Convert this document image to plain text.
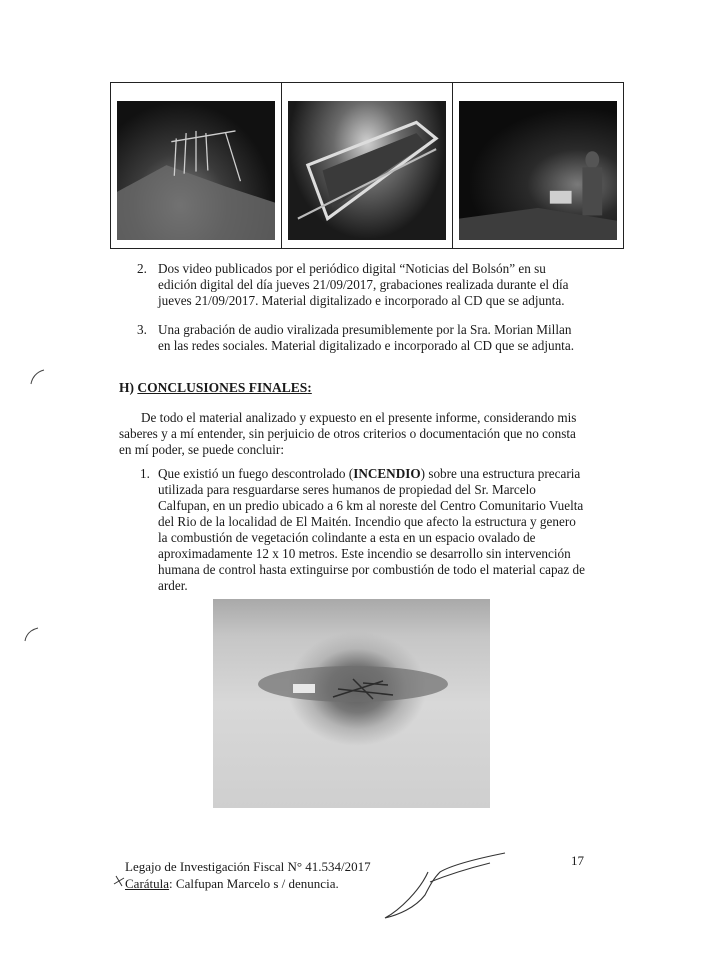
2. Dos video publicados por el periódico digital “Noticias del Bolsón” en su
edición digital del día jueves 21/09/2017, grabaciones realizada durante el día
jueves 21/09/2017. Material digitalizado e incorporado al CD que se adjunta.
3. Una grabación de audio viralizada presumiblemente por la Sra. Morian Millan
en las redes sociales. Material digitalizado e incorporado al CD que se adjunta.
H) CONCLUSIONES FINALES:
De todo el material analizado y expuesto en el presente informe, considerando mis
saberes y a mí entender, sin perjuicio de otros criterios o documentación que no consta
en mí poder, se puede concluir:
1. Que existió un fuego descontrolado (INCENDIO) sobre una estructura precaria
utilizada para resguardarse seres humanos de propiedad del Sr. Marcelo
Calfupan, en un predio ubicado a 6 km al noreste del Centro Comunitario Vuelta
del Rio de la localidad de El Maitén. Incendio que afecto la estructura y genero
la combustión de vegetación colindante a esta en un espacio ovalado de
aproximadamente 12 x 10 metros. Este incendio se desarrollo sin intervención
humana de control hasta extinguirse por combustión de todo el material capaz de
arder.
Legajo de Investigación Fiscal N° 41.534/2017
Carátula: Calfupan Marcelo s / denuncia.
17
